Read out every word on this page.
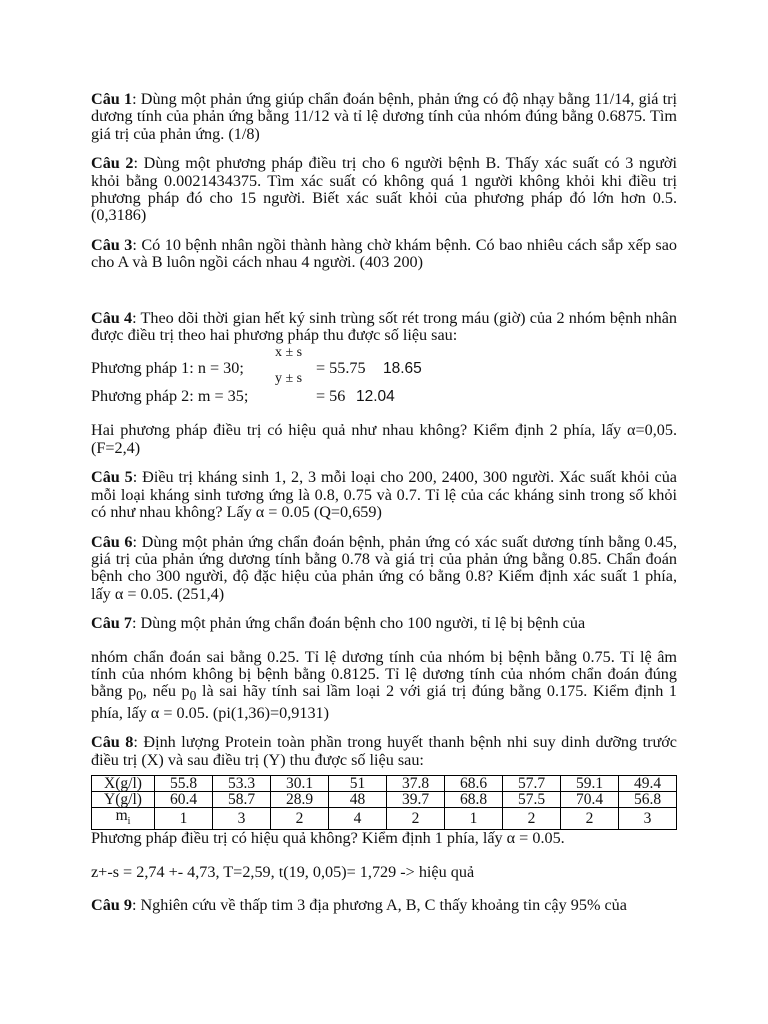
Câu 1: Dùng một phản ứng giúp chẩn đoán bệnh, phản ứng có độ nhạy bằng 11/14, giá trị dương tính của phản ứng bằng 11/12 và tỉ lệ dương tính của nhóm đúng bằng 0.6875. Tìm giá trị của phản ứng. (1/8)

Câu 2: Dùng một phương pháp điều trị cho 6 người bệnh B. Thấy xác suất có 3 người khỏi bằng 0.0021434375. Tìm xác suất có không quá 1 người không khỏi khi điều trị phương pháp đó cho 15 người. Biết xác suất khỏi của phương pháp đó lớn hơn 0.5. (0,3186)

Câu 3: Có 10 bệnh nhân ngồi thành hàng chờ khám bệnh. Có bao nhiêu cách sắp xếp sao cho A và B luôn ngồi cách nhau 4 người. (403 200)

Câu 4: Theo dõi thời gian hết ký sinh trùng sốt rét trong máu (giờ) của 2 nhóm bệnh nhân được điều trị theo hai phương pháp thu được số liệu sau:

x ± s
Phương pháp 1: n = 30;	= 55.75 18.65
y ± s
Phương pháp 2: m = 35;	= 56 12.04

Hai phương pháp điều trị có hiệu quả như nhau không? Kiểm định 2 phía, lấy α=0,05. (F=2,4)

Câu 5: Điều trị kháng sinh 1, 2, 3 mỗi loại cho 200, 2400, 300 người. Xác suất khỏi của mỗi loại kháng sinh tương ứng là 0.8, 0.75 và 0.7. Tỉ lệ của các kháng sinh trong số khỏi có như nhau không? Lấy α = 0.05 (Q=0,659)

Câu 6: Dùng một phản ứng chẩn đoán bệnh, phản ứng có xác suất dương tính bằng 0.45, giá trị của phản ứng dương tính bằng 0.78 và giá trị của phản ứng bằng 0.85. Chẩn đoán bệnh cho 300 người, độ đặc hiệu của phản ứng có bằng 0.8? Kiểm định xác suất 1 phía, lấy α = 0.05. (251,4)

Câu 7: Dùng một phản ứng chẩn đoán bệnh cho 100 người, tỉ lệ bị bệnh của

nhóm chẩn đoán sai bằng 0.25. Tỉ lệ dương tính của nhóm bị bệnh bằng 0.75. Tỉ lệ âm tính của nhóm không bị bệnh bằng 0.8125. Tỉ lệ dương tính của nhóm chẩn đoán đúng bằng $p_0$, nếu $p_0$ là sai hãy tính sai lầm loại 2 với giá trị đúng bằng 0.175. Kiểm định 1 phía, lấy α = 0.05. (pi(1,36)=0,9131)

Câu 8: Định lượng Protein toàn phần trong huyết thanh bệnh nhi suy dinh dưỡng trước điều trị (X) và sau điều trị (Y) thu được số liệu sau:

X(g/l)	55.8	53.3	30.1	51	37.8	68.6	57.7	59.1	49.4
Y(g/l)	60.4	58.7	28.9	48	39.7	68.8	57.5	70.4	56.8
$m_i$	1	3	2	4	2	1	2	2	3

Phương pháp điều trị có hiệu quả không? Kiểm định 1 phía, lấy α = 0.05.

z+-s = 2,74 +- 4,73, T=2,59, t(19, 0,05)= 1,729 -> hiệu quả

Câu 9: Nghiên cứu về thấp tim 3 địa phương A, B, C thấy khoảng tin cậy 95% của
